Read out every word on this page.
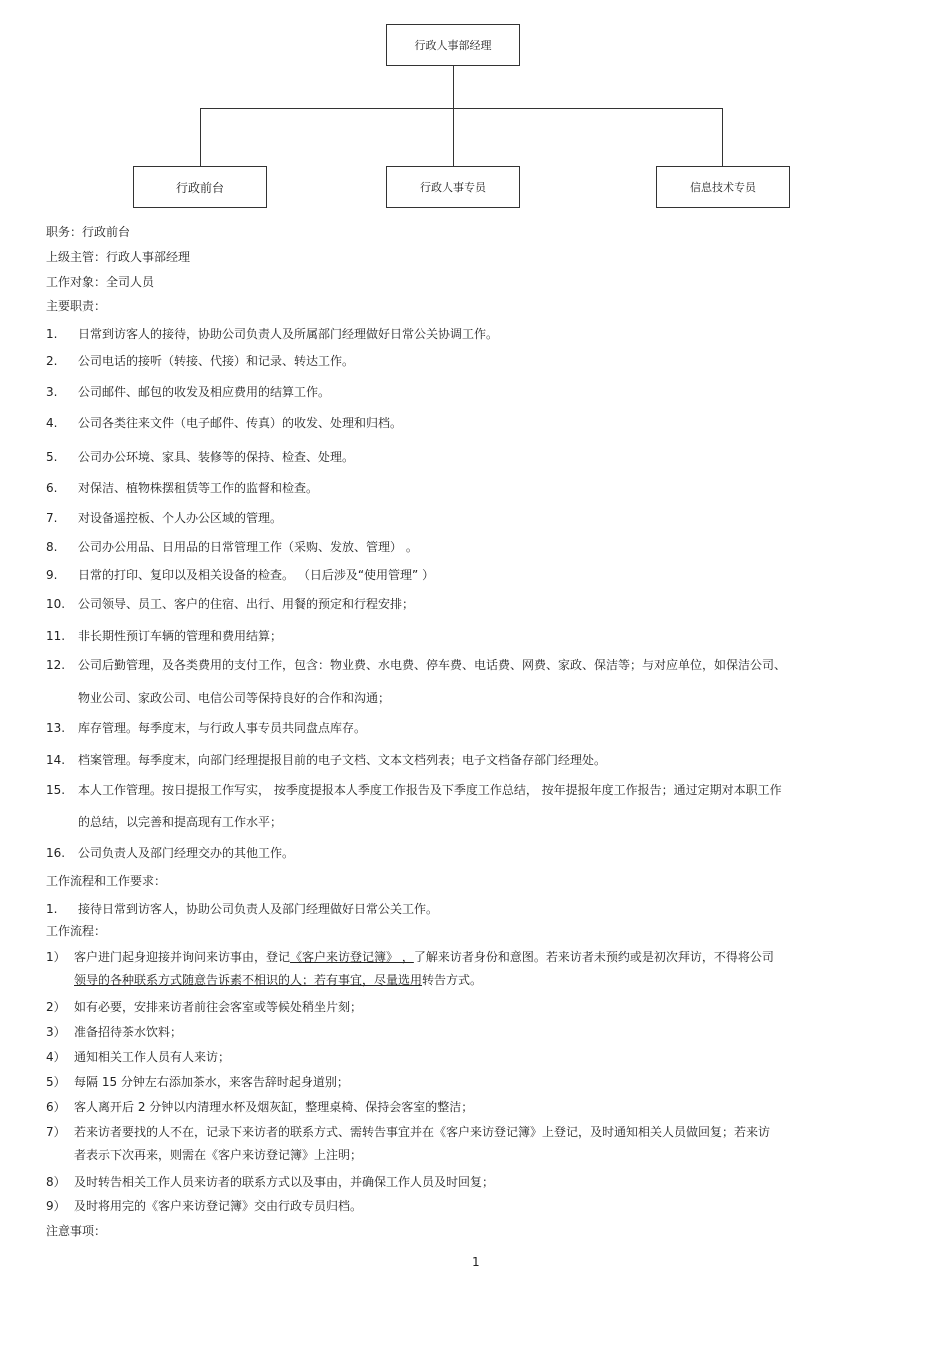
行政人事部经理
行政前台	行政人事专员	信息技术专员
职务：行政前台
上级主管：行政人事部经理
工作对象：全司人员
主要职责：
1. 日常到访客人的接待，协助公司负责人及所属部门经理做好日常公关协调工作。
2. 公司电话的接听（转接、代接）和记录、转达工作。
3. 公司邮件、邮包的收发及相应费用的结算工作。
4. 公司各类往来文件（电子邮件、传真）的收发、处理和归档。
5. 公司办公环境、家具、装修等的保持、检查、处理。
6. 对保洁、植物株摆租赁等工作的监督和检查。
7. 对设备遥控板、个人办公区域的管理。
8. 公司办公用品、日用品的日常管理工作（采购、发放、管理） 。
9. 日常的打印、复印以及相关设备的检查。 （日后涉及“使用管理” ）
10. 公司领导、员工、客户的住宿、出行、用餐的预定和行程安排；
11. 非长期性预订车辆的管理和费用结算；
12. 公司后勤管理，及各类费用的支付工作，包含：物业费、水电费、停车费、电话费、网费、家政、保洁等；与对应单位，如保洁公司、
物业公司、家政公司、电信公司等保持良好的合作和沟通；
13. 库存管理。每季度末，与行政人事专员共同盘点库存。
14. 档案管理。每季度末，向部门经理提报目前的电子文档、文本文档列表；电子文档备存部门经理处。
15. 本人工作管理。按日提报工作写实， 按季度提报本人季度工作报告及下季度工作总结， 按年提报年度工作报告；通过定期对本职工作
的总结，以完善和提高现有工作水平；
16. 公司负责人及部门经理交办的其他工作。
工作流程和工作要求：
1. 接待日常到访客人，协助公司负责人及部门经理做好日常公关工作。
工作流程：
1） 客户进门起身迎接并询问来访事由，登记《客户来访登记簿》 ，了解来访者身份和意图。若来访者未预约或是初次拜访，不得将公司
领导的各种联系方式随意告诉素不相识的人；若有事宜，尽量选用转告方式。
2） 如有必要，安排来访者前往会客室或等候处稍坐片刻；
3） 准备招待茶水饮料；
4） 通知相关工作人员有人来访；
5） 每隔 15 分钟左右添加茶水，来客告辞时起身道别；
6） 客人离开后 2 分钟以内清理水杯及烟灰缸，整理桌椅、保持会客室的整洁；
7） 若来访者要找的人不在，记录下来访者的联系方式、需转告事宜并在《客户来访登记簿》上登记，及时通知相关人员做回复；若来访
者表示下次再来，则需在《客户来访登记簿》上注明；
8） 及时转告相关工作人员来访者的联系方式以及事由，并确保工作人员及时回复；
9） 及时将用完的《客户来访登记簿》交由行政专员归档。
注意事项：
1
